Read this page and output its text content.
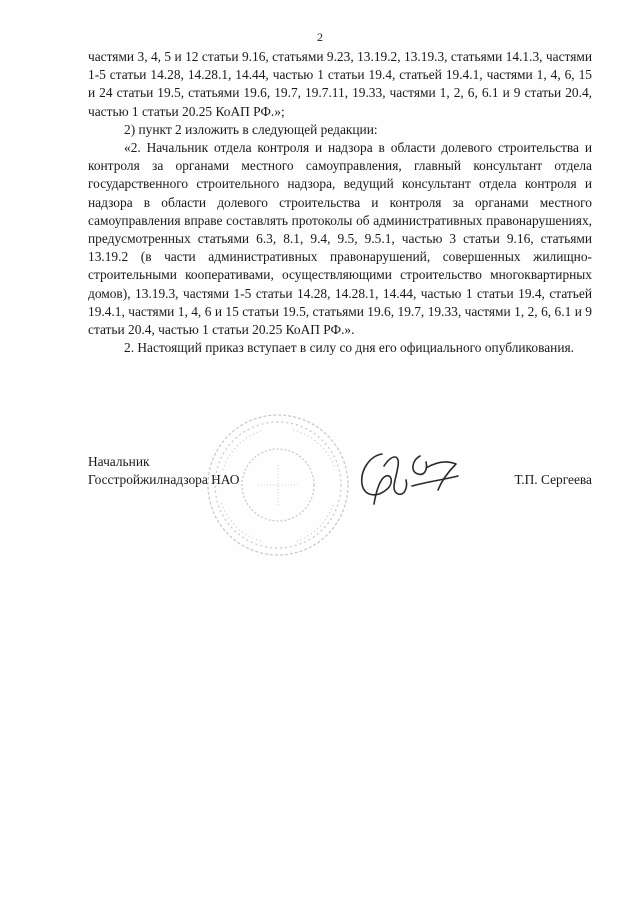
2

частями 3, 4, 5 и 12 статьи 9.16, статьями 9.23, 13.19.2, 13.19.3, статьями 14.1.3, частями 1-5 статьи 14.28, 14.28.1, 14.44, частью 1 статьи 19.4, статьей 19.4.1, частями 1, 4, 6, 15 и 24 статьи 19.5, статьями 19.6, 19.7, 19.7.11, 19.33, частями 1, 2, 6, 6.1 и 9 статьи 20.4, частью 1 статьи 20.25 КоАП РФ.»;

2) пункт 2 изложить в следующей редакции:

«2. Начальник отдела контроля и надзора в области долевого строительства и контроля за органами местного самоуправления, главный консультант отдела государственного строительного надзора, ведущий консультант отдела контроля и надзора в области долевого строительства и контроля за органами местного самоуправления вправе составлять протоколы об административных правонарушениях, предусмотренных статьями 6.3, 8.1, 9.4, 9.5, 9.5.1, частью 3 статьи 9.16, статьями 13.19.2 (в части административных правонарушений, совершенных жилищно-строительными кооперативами, осуществляющими строительство многоквартирных домов), 13.19.3, частями 1-5 статьи 14.28, 14.28.1, 14.44, частью 1 статьи 19.4, статьей 19.4.1, частями 1, 4, 6 и 15 статьи 19.5, статьями 19.6, 19.7, 19.33, частями 1, 2, 6, 6.1 и 9 статьи 20.4, частью 1 статьи 20.25 КоАП РФ.».

2. Настоящий приказ вступает в силу со дня его официального опубликования.

Начальник
Госстройжилнадзора НАО	Т.П. Сергеева
